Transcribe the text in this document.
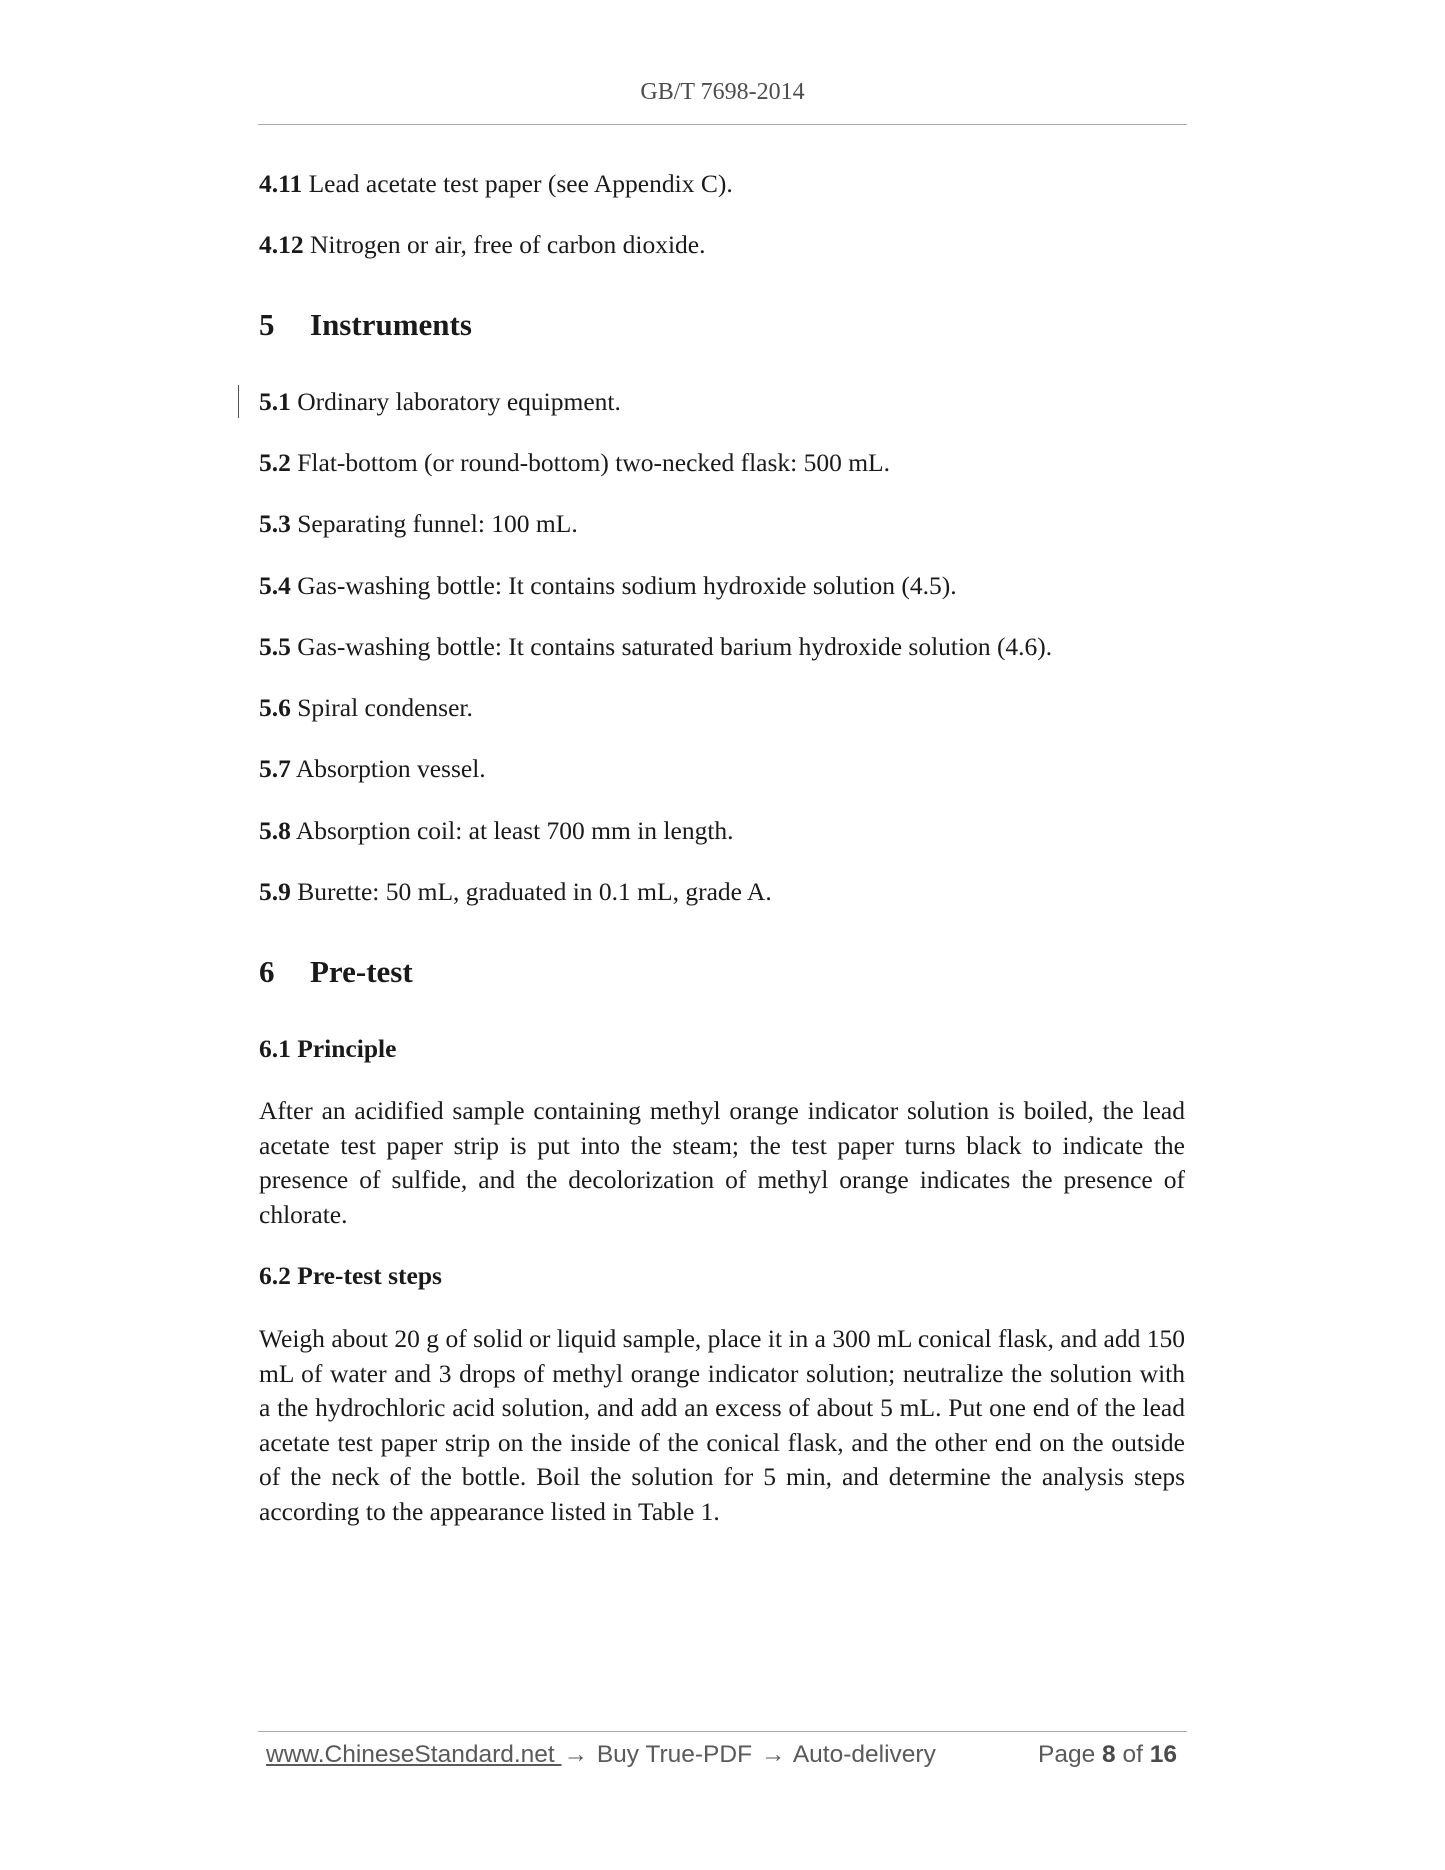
GB/T 7698-2014
4.11 Lead acetate test paper (see Appendix C).
4.12 Nitrogen or air, free of carbon dioxide.
5 Instruments
5.1 Ordinary laboratory equipment.
5.2 Flat-bottom (or round-bottom) two-necked flask: 500 mL.
5.3 Separating funnel: 100 mL.
5.4 Gas-washing bottle: It contains sodium hydroxide solution (4.5).
5.5 Gas-washing bottle: It contains saturated barium hydroxide solution (4.6).
5.6 Spiral condenser.
5.7 Absorption vessel.
5.8 Absorption coil: at least 700 mm in length.
5.9 Burette: 50 mL, graduated in 0.1 mL, grade A.
6 Pre-test
6.1 Principle
After an acidified sample containing methyl orange indicator solution is boiled, the lead acetate test paper strip is put into the steam; the test paper turns black to indicate the presence of sulfide, and the decolorization of methyl orange indicates the presence of chlorate.
6.2 Pre-test steps
Weigh about 20 g of solid or liquid sample, place it in a 300 mL conical flask, and add 150 mL of water and 3 drops of methyl orange indicator solution; neutralize the solution with a the hydrochloric acid solution, and add an excess of about 5 mL. Put one end of the lead acetate test paper strip on the inside of the conical flask, and the other end on the outside of the neck of the bottle. Boil the solution for 5 min, and determine the analysis steps according to the appearance listed in Table 1.
www.ChineseStandard.net → Buy True-PDF → Auto-delivery	Page 8 of 16
